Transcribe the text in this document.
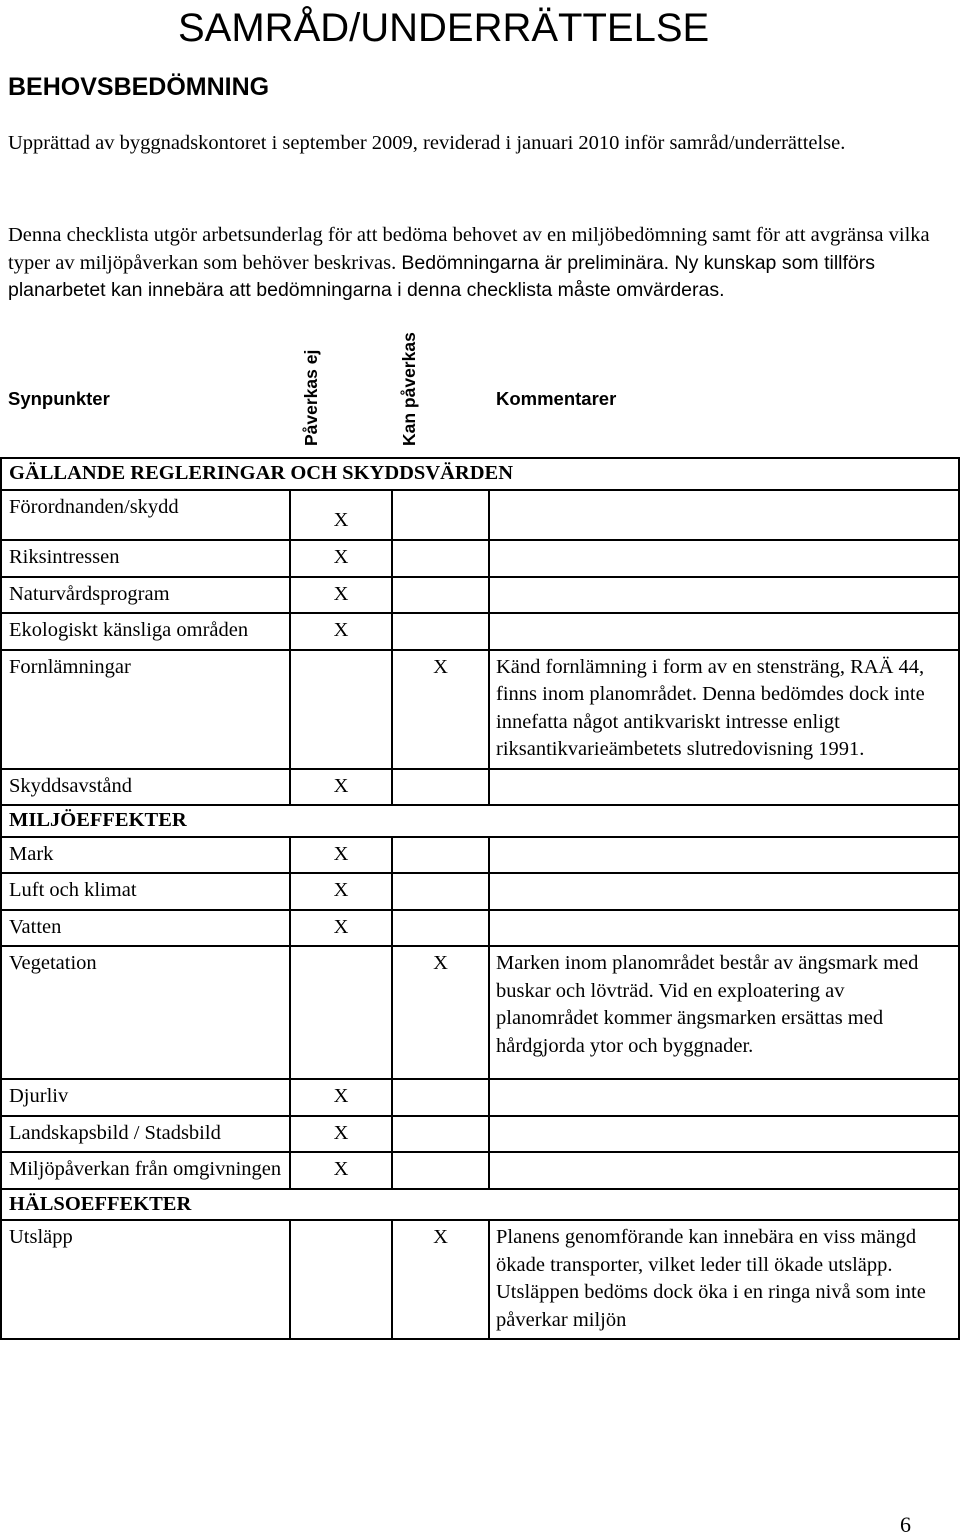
SAMRÅD/UNDERRÄTTELSE
BEHOVSBEDÖMNING

Upprättad av byggnadskontoret i september 2009, reviderad i januari 2010 inför samråd/underrättelse.

Denna checklista utgör arbetsunderlag för att bedöma behovet av en miljöbedömning samt för att avgränsa vilka typer av miljöpåverkan som behöver beskrivas. Bedömningarna är preliminära. Ny kunskap som tillförs planarbetet kan innebära att bedömningarna i denna checklista måste omvärderas.

Synpunkter	Påverkas ej	Kan påverkas	Kommentarer
GÄLLANDE REGLERINGAR OCH SKYDDSVÄRDEN			
Förordnanden/skydd	X		
Riksintressen	X		
Naturvårdsprogram	X		
Ekologiskt känsliga områden	X		
Fornlämningar		X	Känd fornlämning i form av en stensträng, RAÄ 44, finns inom planområdet. Denna bedömdes dock inte innefatta något antikvariskt intresse enligt riksantikvarieämbetets slutredovisning 1991.
Skyddsavstånd	X		
MILJÖEFFEKTER			
Mark	X		
Luft och klimat	X		
Vatten	X		
Vegetation		X	Marken inom planområdet består av ängsmark med buskar och lövträd. Vid en exploatering av planområdet kommer ängsmarken ersättas med hårdgjorda ytor och byggnader.
Djurliv	X		
Landskapsbild / Stadsbild	X		
Miljöpåverkan från omgivningen	X		
HÄLSOEFFEKTER			
Utsläpp		X	Planens genomförande kan innebära en viss mängd ökade transporter, vilket leder till ökade utsläpp. Utsläppen bedöms dock öka i en ringa nivå som inte påverkar miljön
6
